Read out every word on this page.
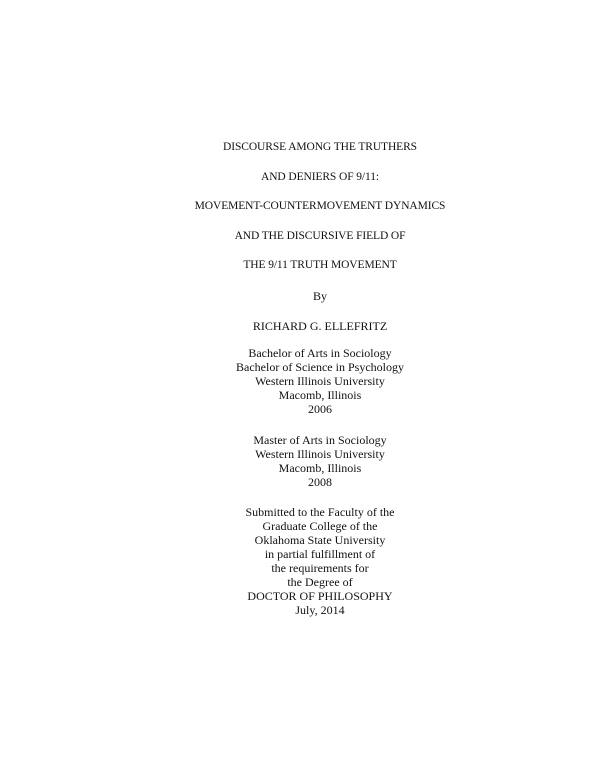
DISCOURSE AMONG THE TRUTHERS
AND DENIERS OF 9/11:
MOVEMENT-COUNTERMOVEMENT DYNAMICS
AND THE DISCURSIVE FIELD OF
THE 9/11 TRUTH MOVEMENT
By
RICHARD G. ELLEFRITZ
Bachelor of Arts in Sociology
Bachelor of Science in Psychology
Western Illinois University
Macomb, Illinois
2006
Master of Arts in Sociology
Western Illinois University
Macomb, Illinois
2008
Submitted to the Faculty of the
Graduate College of the
Oklahoma State University
in partial fulfillment of
the requirements for
the Degree of
DOCTOR OF PHILOSOPHY
July, 2014
